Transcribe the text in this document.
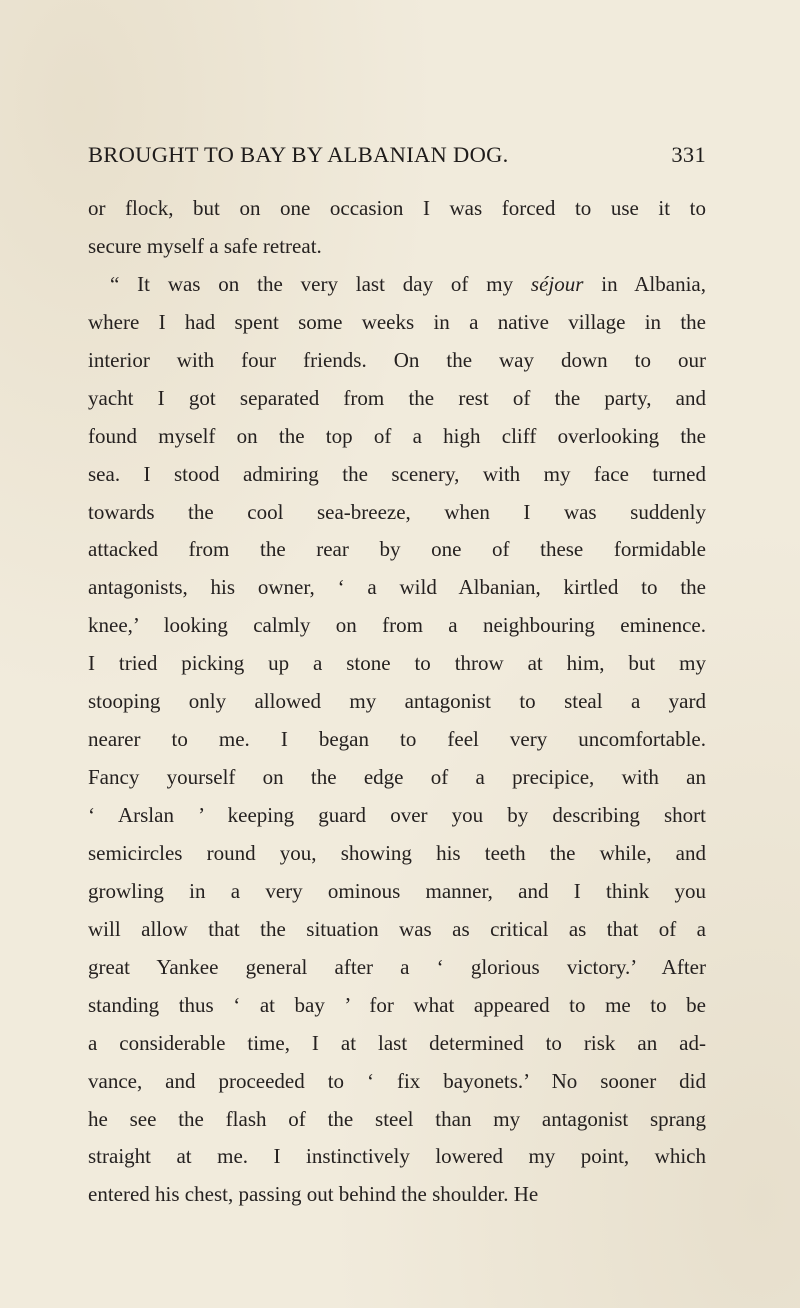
BROUGHT TO BAY BY ALBANIAN DOG.	331
or flock, but on one occasion I was forced to use it to
secure myself a safe retreat.
“ It was on the very last day of my séjour in Albania,
where I had spent some weeks in a native village in the
interior with four friends. On the way down to our
yacht I got separated from the rest of the party, and
found myself on the top of a high cliff overlooking the
sea. I stood admiring the scenery, with my face turned
towards the cool sea-breeze, when I was suddenly
attacked from the rear by one of these formidable
antagonists, his owner, ‘ a wild Albanian, kirtled to the
knee,’ looking calmly on from a neighbouring eminence.
I tried picking up a stone to throw at him, but my
stooping only allowed my antagonist to steal a yard
nearer to me. I began to feel very uncomfortable.
Fancy yourself on the edge of a precipice, with an
‘ Arslan ’ keeping guard over you by describing short
semicircles round you, showing his teeth the while, and
growling in a very ominous manner, and I think you
will allow that the situation was as critical as that of a
great Yankee general after a ‘ glorious victory.’ After
standing thus ‘ at bay ’ for what appeared to me to be
a considerable time, I at last determined to risk an ad-
vance, and proceeded to ‘ fix bayonets.’ No sooner did
he see the flash of the steel than my antagonist sprang
straight at me. I instinctively lowered my point, which
entered his chest, passing out behind the shoulder. He
